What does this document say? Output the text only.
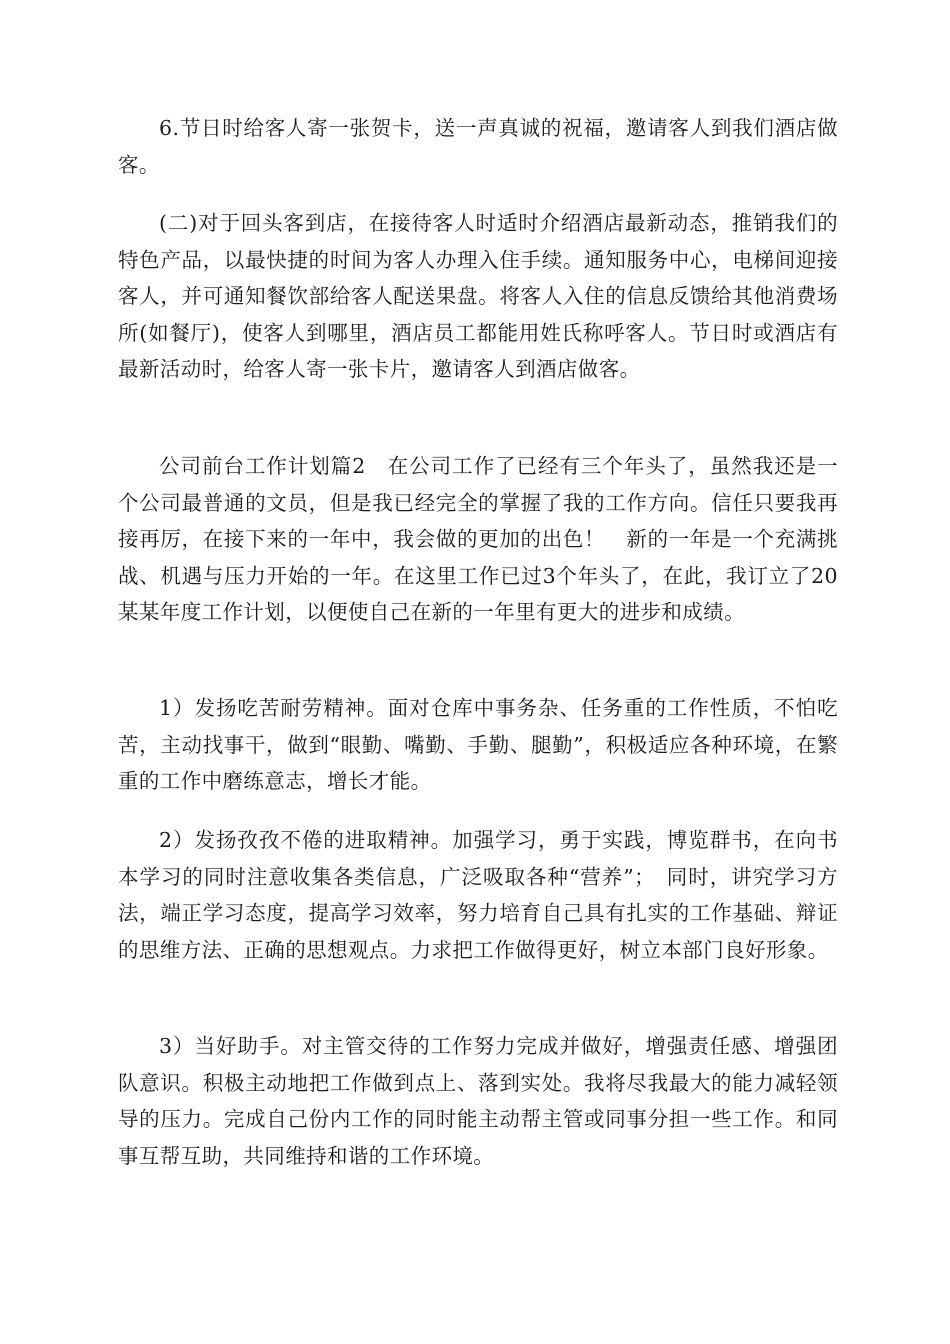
6.节日时给客人寄一张贺卡，送一声真诚的祝福，邀请客人到我们酒店做客。

(二)对于回头客到店，在接待客人时适时介绍酒店最新动态，推销我们的特色产品，以最快捷的时间为客人办理入住手续。通知服务中心，电梯间迎接客人，并可通知餐饮部给客人配送果盘。将客人入住的信息反馈给其他消费场所(如餐厅)，使客人到哪里，酒店员工都能用姓氏称呼客人。节日时或酒店有最新活动时，给客人寄一张卡片，邀请客人到酒店做客。

公司前台工作计划篇2　在公司工作了已经有三个年头了，虽然我还是一个公司最普通的文员，但是我已经完全的掌握了我的工作方向。信任只要我再接再厉，在接下来的一年中，我会做的更加的出色！　新的一年是一个充满挑战、机遇与压力开始的一年。在这里工作已过3个年头了，在此，我订立了20某某年度工作计划，以便使自己在新的一年里有更大的进步和成绩。

1）发扬吃苦耐劳精神。面对仓库中事务杂、任务重的工作性质，不怕吃苦，主动找事干，做到“眼勤、嘴勤、手勤、腿勤”，积极适应各种环境，在繁重的工作中磨练意志，增长才能。

2）发扬孜孜不倦的进取精神。加强学习，勇于实践，博览群书，在向书本学习的同时注意收集各类信息，广泛吸取各种“营养”；　同时，讲究学习方法，端正学习态度，提高学习效率，努力培育自己具有扎实的工作基础、辩证的思维方法、正确的思想观点。力求把工作做得更好，树立本部门良好形象。

3）当好助手。对主管交待的工作努力完成并做好，增强责任感、增强团队意识。积极主动地把工作做到点上、落到实处。我将尽我最大的能力减轻领导的压力。完成自己份内工作的同时能主动帮主管或同事分担一些工作。和同事互帮互助，共同维持和谐的工作环境。
